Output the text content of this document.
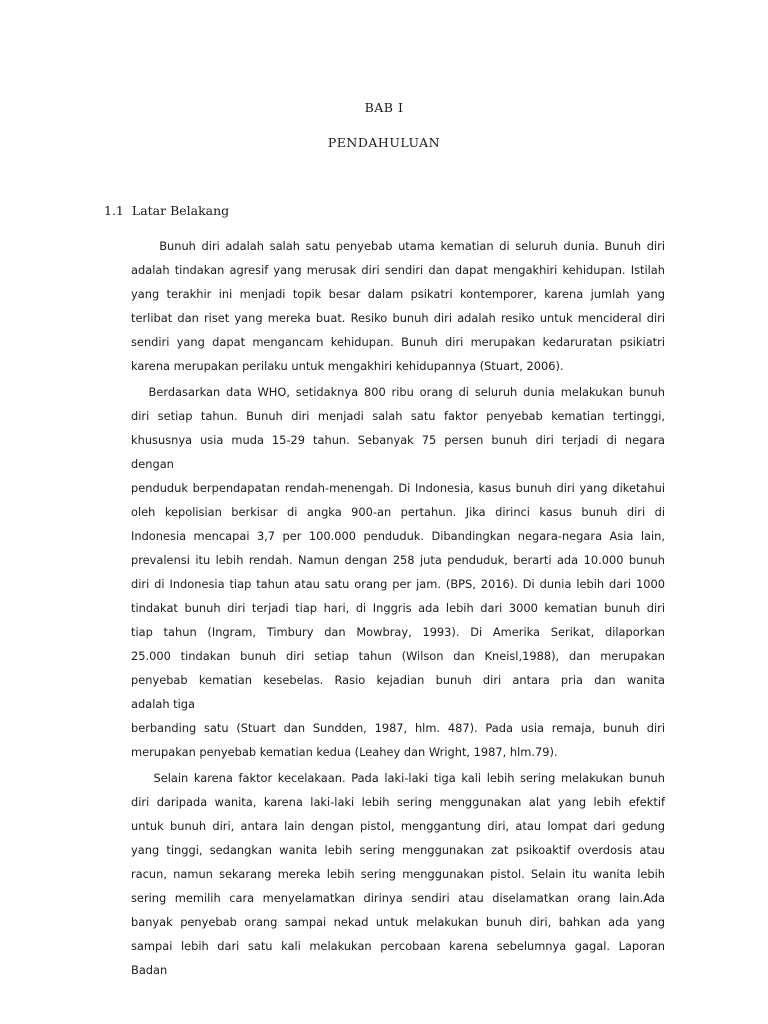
BAB I
PENDAHULUAN
1.1 Latar Belakang
Bunuh diri adalah salah satu penyebab utama kematian di seluruh dunia. Bunuh diri
adalah tindakan agresif yang merusak diri sendiri dan dapat mengakhiri kehidupan. Istilah
yang terakhir ini menjadi topik besar dalam psikatri kontemporer, karena jumlah yang
terlibat dan riset yang mereka buat. Resiko bunuh diri adalah resiko untuk mencideral diri
sendiri yang dapat mengancam kehidupan. Bunuh diri merupakan kedaruratan psikiatri
karena merupakan perilaku untuk mengakhiri kehidupannya (Stuart, 2006).
Berdasarkan data WHO, setidaknya 800 ribu orang di seluruh dunia melakukan bunuh
diri setiap tahun. Bunuh diri menjadi salah satu faktor penyebab kematian tertinggi,
khususnya usia muda 15-29 tahun. Sebanyak 75 persen bunuh diri terjadi di negara
dengan
penduduk berpendapatan rendah-menengah. Di Indonesia, kasus bunuh diri yang diketahui
oleh kepolisian berkisar di angka 900-an pertahun. Jika dirinci kasus bunuh diri di
Indonesia mencapai 3,7 per 100.000 penduduk. Dibandingkan negara-negara Asia lain,
prevalensi itu lebih rendah. Namun dengan 258 juta penduduk, berarti ada 10.000 bunuh
diri di Indonesia tiap tahun atau satu orang per jam. (BPS, 2016). Di dunia lebih dari 1000
tindakat bunuh diri terjadi tiap hari, di Inggris ada lebih dari 3000 kematian bunuh diri
tiap tahun (Ingram, Timbury dan Mowbray, 1993). Di Amerika Serikat, dilaporkan
25.000 tindakan bunuh diri setiap tahun (Wilson dan Kneisl,1988), dan merupakan
penyebab kematian kesebelas. Rasio kejadian bunuh diri antara pria dan wanita
adalah tiga
berbanding satu (Stuart dan Sundden, 1987, hlm. 487). Pada usia remaja, bunuh diri
merupakan penyebab kematian kedua (Leahey dan Wright, 1987, hlm.79).
Selain karena faktor kecelakaan. Pada laki-laki tiga kali lebih sering melakukan bunuh
diri daripada wanita, karena laki-laki lebih sering menggunakan alat yang lebih efektif
untuk bunuh diri, antara lain dengan pistol, menggantung diri, atau lompat dari gedung
yang tinggi, sedangkan wanita lebih sering menggunakan zat psikoaktif overdosis atau
racun, namun sekarang mereka lebih sering menggunakan pistol. Selain itu wanita lebih
sering memilih cara menyelamatkan dirinya sendiri atau diselamatkan orang lain.Ada
banyak penyebab orang sampai nekad untuk melakukan bunuh diri, bahkan ada yang
sampai lebih dari satu kali melakukan percobaan karena sebelumnya gagal. Laporan
Badan
